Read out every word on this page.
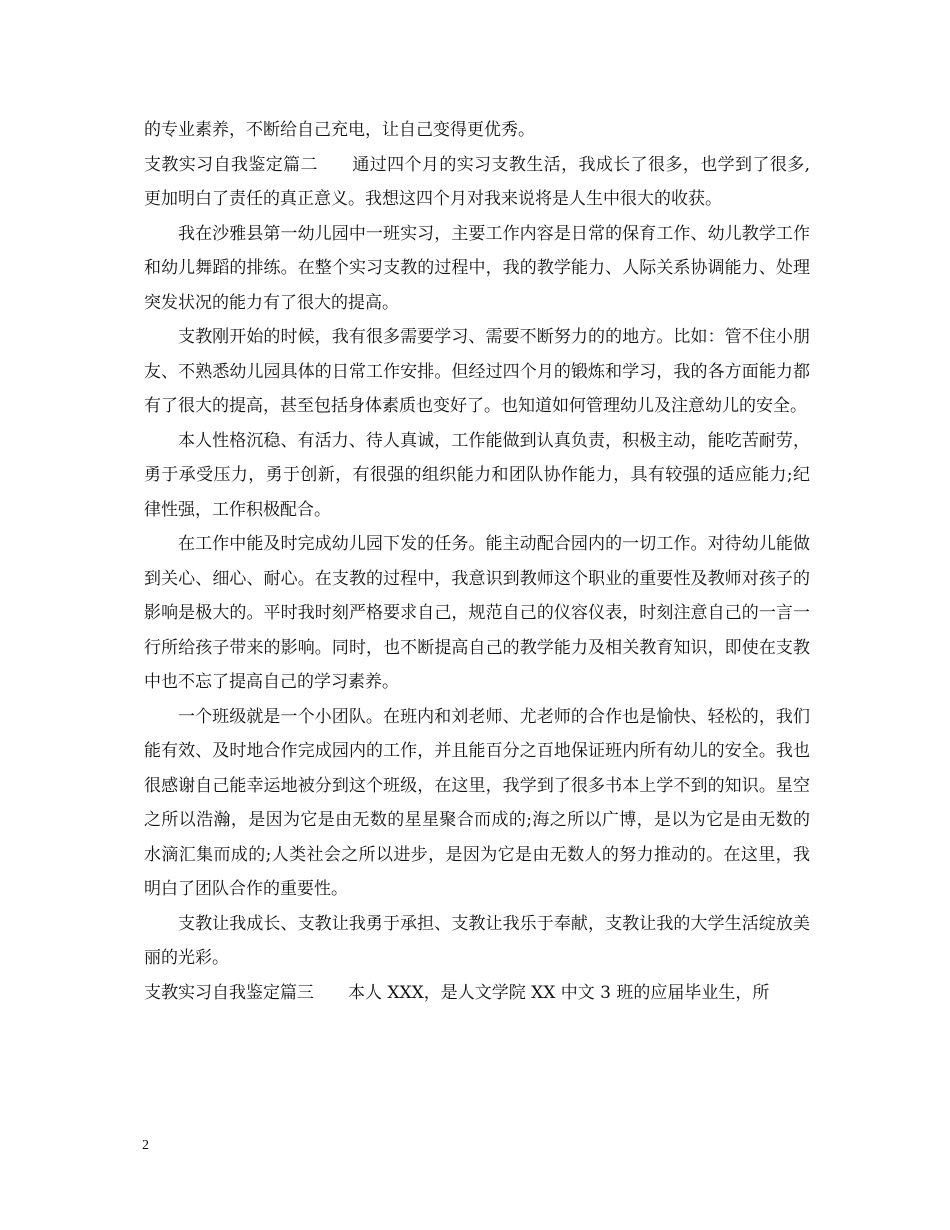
的专业素养，不断给自己充电，让自己变得更优秀。

支教实习自我鉴定篇二 通过四个月的实习支教生活，我成长了很多，也学到了很多,更加明白了责任的真正意义。我想这四个月对我来说将是人生中很大的收获。

我在沙雅县第一幼儿园中一班实习，主要工作内容是日常的保育工作、幼儿教学工作和幼儿舞蹈的排练。在整个实习支教的过程中，我的教学能力、人际关系协调能力、处理突发状况的能力有了很大的提高。

支教刚开始的时候，我有很多需要学习、需要不断努力的的地方。比如：管不住小朋友、不熟悉幼儿园具体的日常工作安排。但经过四个月的锻炼和学习，我的各方面能力都有了很大的提高，甚至包括身体素质也变好了。也知道如何管理幼儿及注意幼儿的安全。

本人性格沉稳、有活力、待人真诚，工作能做到认真负责，积极主动，能吃苦耐劳，勇于承受压力，勇于创新，有很强的组织能力和团队协作能力，具有较强的适应能力;纪律性强，工作积极配合。

在工作中能及时完成幼儿园下发的任务。能主动配合园内的一切工作。对待幼儿能做到关心、细心、耐心。在支教的过程中，我意识到教师这个职业的重要性及教师对孩子的影响是极大的。平时我时刻严格要求自己，规范自己的仪容仪表，时刻注意自己的一言一行所给孩子带来的影响。同时，也不断提高自己的教学能力及相关教育知识，即使在支教中也不忘了提高自己的学习素养。

一个班级就是一个小团队。在班内和刘老师、尤老师的合作也是愉快、轻松的，我们能有效、及时地合作完成园内的工作，并且能百分之百地保证班内所有幼儿的安全。我也很感谢自己能幸运地被分到这个班级，在这里，我学到了很多书本上学不到的知识。星空之所以浩瀚，是因为它是由无数的星星聚合而成的;海之所以广博，是以为它是由无数的水滴汇集而成的;人类社会之所以进步，是因为它是由无数人的努力推动的。在这里，我明白了团队合作的重要性。

支教让我成长、支教让我勇于承担、支教让我乐于奉献，支教让我的大学生活绽放美丽的光彩。

支教实习自我鉴定篇三 本人 XXX，是人文学院 XX 中文 3 班的应届毕业生，所

2
